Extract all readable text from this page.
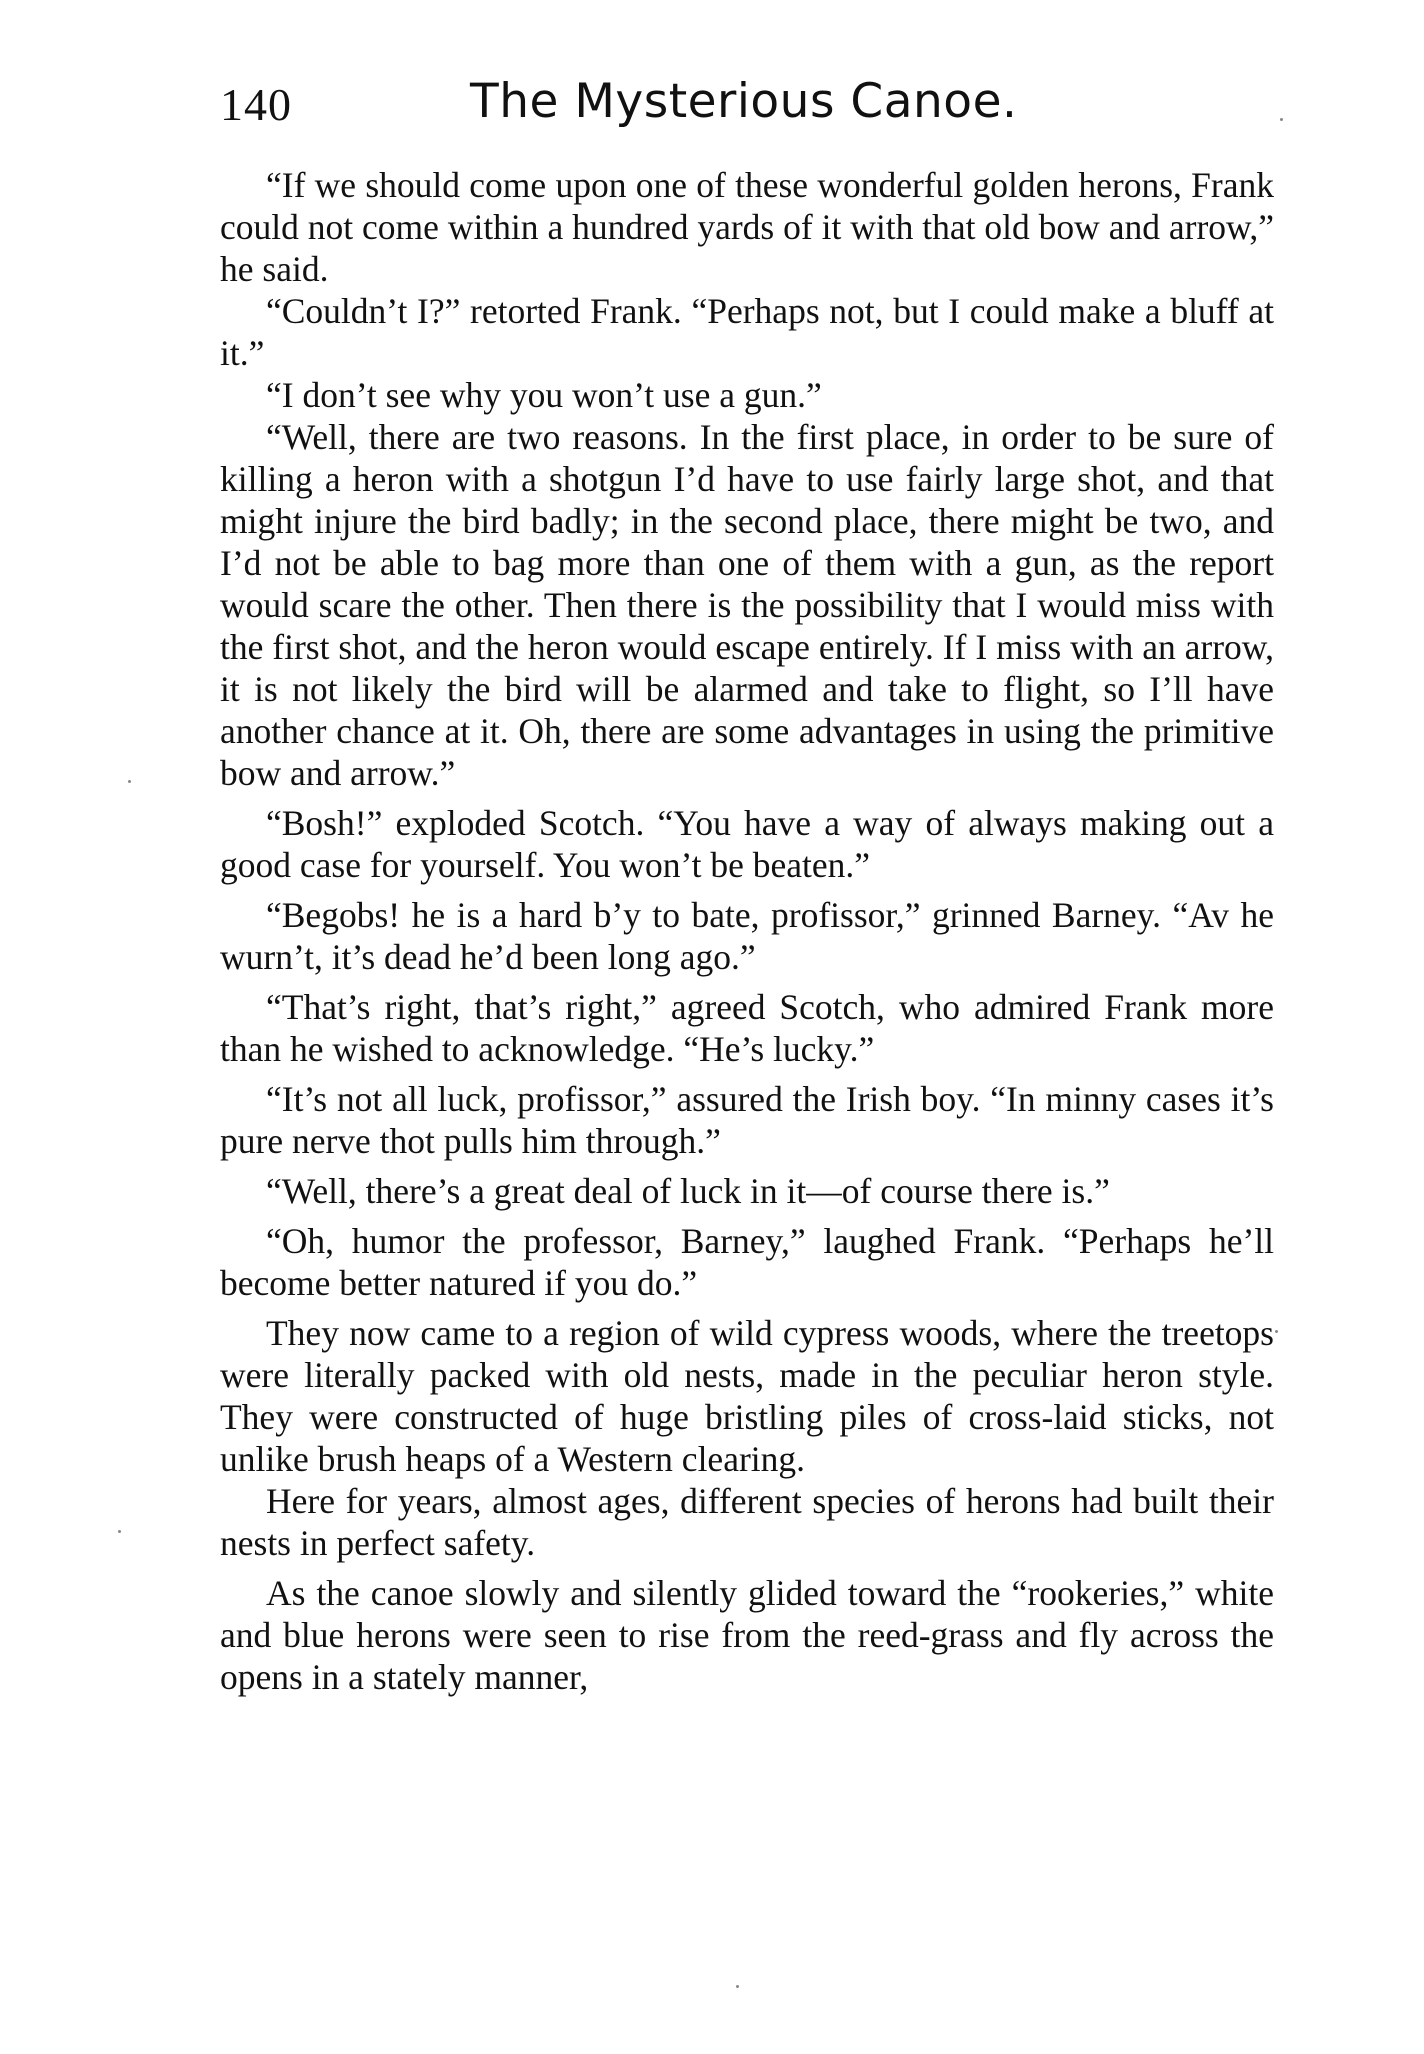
140	The Mysterious Canoe.

“If we should come upon one of these wonderful golden herons, Frank could not come within a hundred yards of it with that old bow and arrow,” he said.

“Couldn’t I?” retorted Frank. “Perhaps not, but I could make a bluff at it.”

“I don’t see why you won’t use a gun.”

“Well, there are two reasons. In the first place, in order to be sure of killing a heron with a shotgun I’d have to use fairly large shot, and that might injure the bird badly; in the second place, there might be two, and I’d not be able to bag more than one of them with a gun, as the report would scare the other. Then there is the possibility that I would miss with the first shot, and the heron would escape entirely. If I miss with an arrow, it is not likely the bird will be alarmed and take to flight, so I’ll have another chance at it. Oh, there are some advantages in using the primitive bow and arrow.”

“Bosh!” exploded Scotch. “You have a way of always making out a good case for yourself. You won’t be beaten.”

“Begobs! he is a hard b’y to bate, profissor,” grinned Barney. “Av he wurn’t, it’s dead he’d been long ago.”

“That’s right, that’s right,” agreed Scotch, who admired Frank more than he wished to acknowledge. “He’s lucky.”

“It’s not all luck, profissor,” assured the Irish boy. “In minny cases it’s pure nerve thot pulls him through.”

“Well, there’s a great deal of luck in it—of course there is.”

“Oh, humor the professor, Barney,” laughed Frank. “Perhaps he’ll become better natured if you do.”

They now came to a region of wild cypress woods, where the treetops were literally packed with old nests, made in the peculiar heron style. They were constructed of huge bristling piles of cross-laid sticks, not unlike brush heaps of a Western clearing.

Here for years, almost ages, different species of herons had built their nests in perfect safety.

As the canoe slowly and silently glided toward the “rookeries,” white and blue herons were seen to rise from the reed-grass and fly across the opens in a stately manner,
